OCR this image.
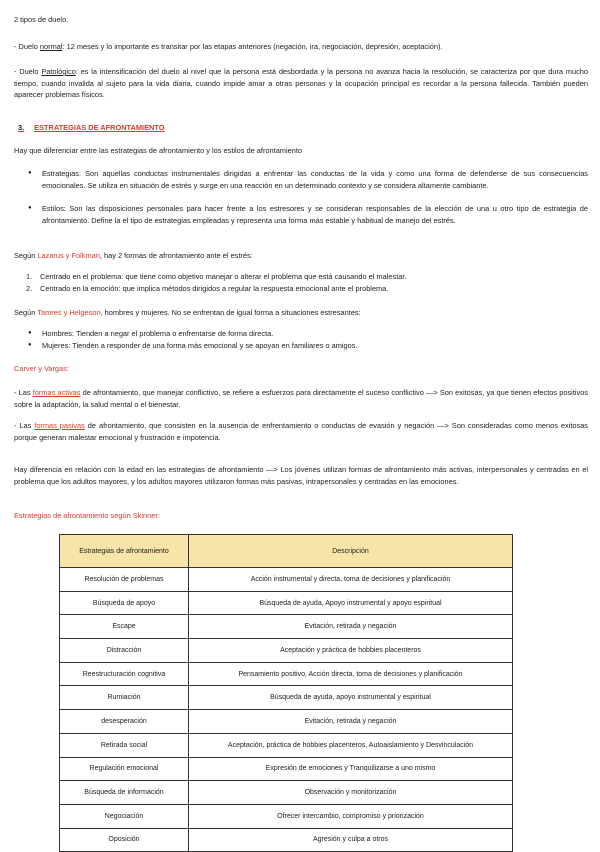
2 tipos de duelo.

- Duelo normal: 12 meses y lo importante es transitar por las etapas anteriores (negación, ira, negociación, depresión, aceptación).

- Duelo Patológico: es la intensificación del duelo al nivel que la persona está desbordada y la persona no avanza hacia la resolución, se caracteriza por que dura mucho tiempo, cuando invalida al sujeto para la vida diaria, cuando impide amar a otras personas y la ocupación principal es recordar a la persona fallecida. También pueden aparecer problemas físicos.

3. ESTRATEGIAS DE AFRONTAMIENTO

Hay que diferenciar entre las estrategias de afrontamiento y los estilos de afrontamiento

● Estrategias: Son aquellas conductas instrumentales dirigidas a enfrentar las conductas de la vida y como una forma de defenderse de sus consecuencias emocionales. Se utiliza en situación de estrés y surge en una reacción en un determinado contexto y se considera altamente cambiante.
● Estilos: Son las disposiciones personales para hacer frente a los estresores y se consideran responsables de la elección de una u otro tipo de estrategia de afrontamiento. Define la el tipo de estrategias empleadas y representa una forma más estable y habitual de manejo del estrés.

Según Lazarus y Folkman, hay 2 formas de afrontamiento ante el estrés:

1. Centrado en el problema: que tiene como objetivo manejar o alterar el problema que está causando el malestar.
2. Centrado en la emoción: que implica métodos dirigidos a regular la respuesta emocional ante el problema.

Según Tamres y Helgeson, hombres y mujeres. No se enfrentan de igual forma a situaciones estresantes:

● Hombres: Tienden a negar el problema o enfrentarse de forma directa.
● Mujeres: Tienden a responder de una forma más emocional y se apoyan en familiares o amigos.

Carver y Vargas:

- Las formas activas de afrontamiento, que manejar conflictivo, se refiere a esfuerzos para directamente el suceso conflictivo —> Son exitosas, ya que tienen efectos positivos sobre la adaptación, la salud mental o el bienestar.

- Las formas pasivas de afrontamiento, que consisten en la ausencia de enfrentamiento o conductas de evasión y negación —> Son consideradas como menos exitosas porque generan malestar emocional y frustración e impotencia.

Hay diferencia en relación con la edad en las estrategias de afrontamiento —> Los jóvenes utilizan formas de afrontamiento más activas, interpersonales y centradas en el problema que los adultos mayores, y los adultos mayores utilizaron formas más pasivas, intrapersonales y centradas en las emociones.

Estrategias de afrontamiento según Skinner:

Estrategias de afrontamiento	Descripción
Resolución de problemas	Acción instrumental y directa, toma de decisiones y planificación
Búsqueda de apoyo	Búsqueda de ayuda, Apoyo instrumental y apoyo espiritual
Escape	Evitación, retirada y negación
Distracción	Aceptación y práctica de hobbies placenteros
Reestructuración cognitiva	Pensamiento positivo, Acción directa, toma de decisiones y planificación
Rumiación	Búsqueda de ayuda, apoyo instrumental y espiritual
desesperación	Evitación, retirada y negación
Retirada social	Aceptación, práctica de hobbies placenteros, Autoaislamiento y Desvinculación
Regulación emocional	Expresión de emociones y Tranquilizarse a uno mismo
Búsqueda de información	Observación y monitorización
Negociación	Ofrecer intercambio, compromiso y priorización
Oposición	Agresión y culpa a otros
